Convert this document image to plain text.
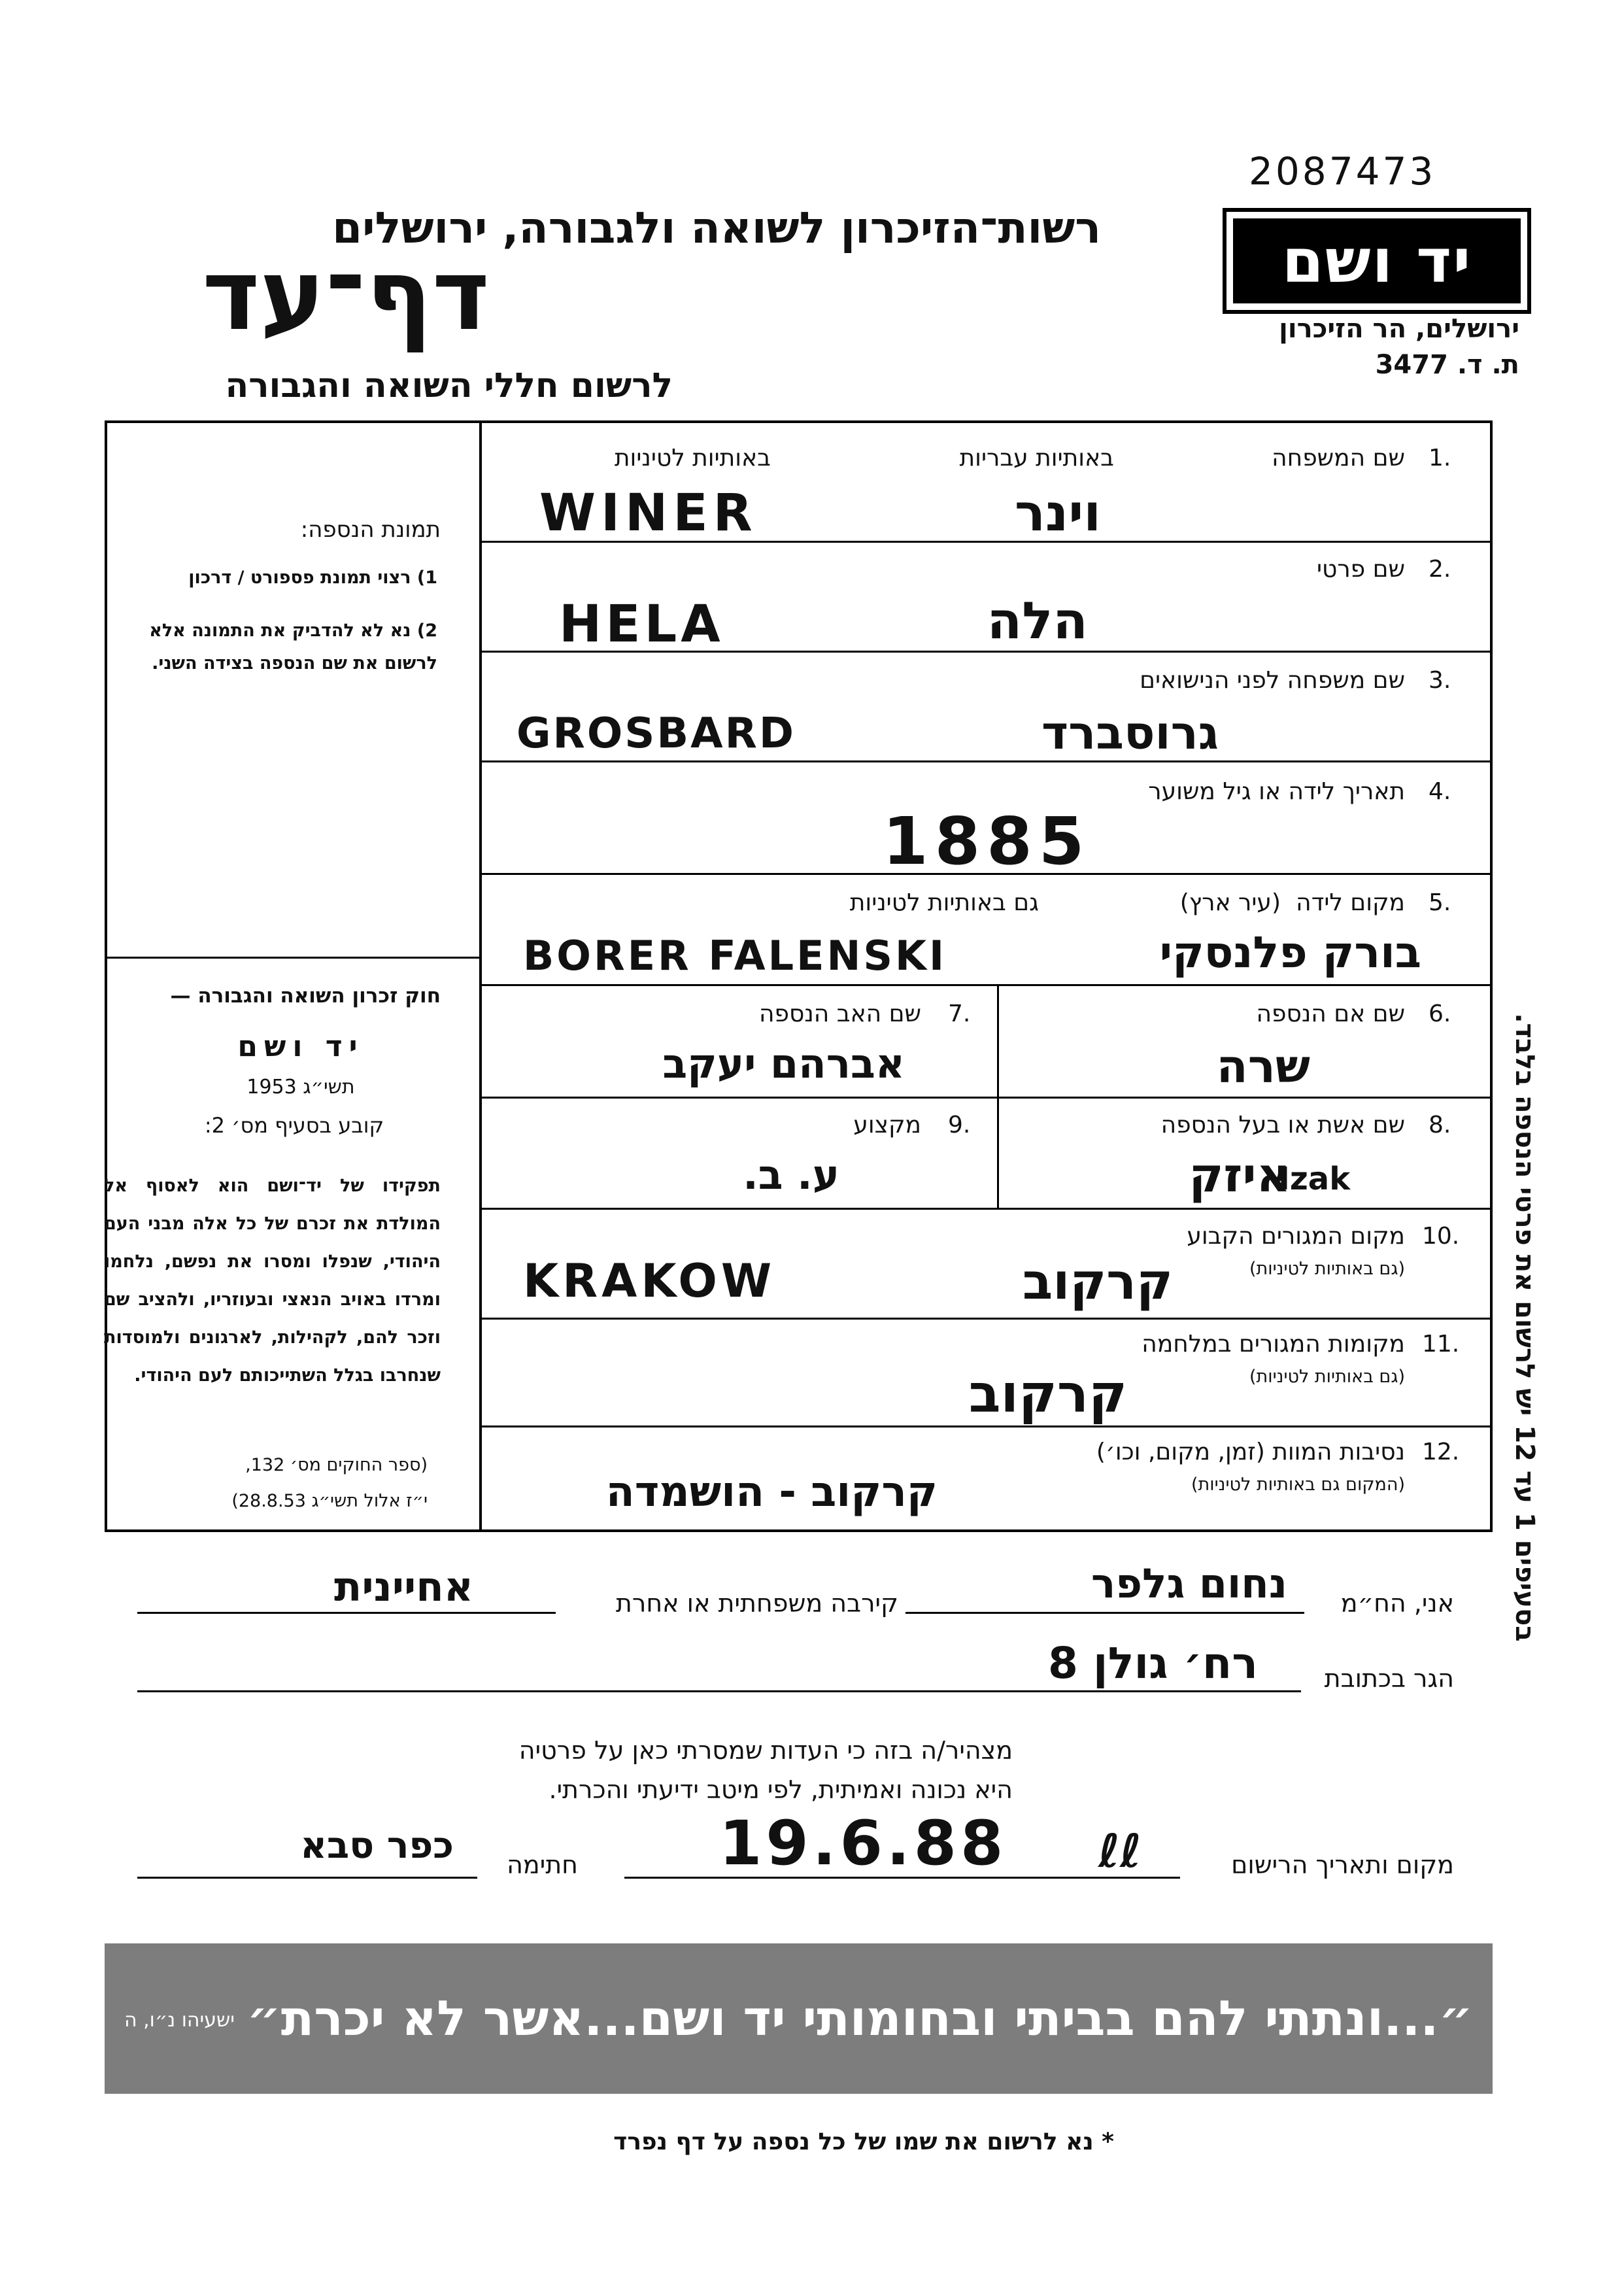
2087473
יד ושם
ירושלים, הר הזיכרון
ת. ד. 3477
רשות־הזיכרון לשואה ולגבורה, ירושלים
דף־עד
לרשום חללי השואה והגבורה
בסעיפים 1 עד 12 יש לרשום את פרטי הנספה בלבד.
תמונת הנספה:
1) רצוי תמונת פספורט / דרכון
2) נא לא להדביק את התמונה אלא לרשום את שם הנספה בצידה השני.
חוק זכרון השואה והגבורה —
יד ושם
תשי״ג 1953
קובע בסעיף מס׳ 2:
תפקידו של יד־ושם הוא לאסוף אל המולדת את זכרם של כל אלה מבני העם היהודי, שנפלו ומסרו את נפשם, נלחמו ומרדו באויב הנאצי ובעוזריו, ולהציב שם וזכר להם, לקהילות, לארגונים ולמוסדות שנחרבו בגלל השתייכותם לעם היהודי.
(ספר החוקים מס׳ 132,
י״ז אלול תשי״ג 28.8.53)
1.
שם המשפחה
באותיות עבריות
באותיות לטיניות
WINER	וינר
2.
שם פרטי
HELA	הלה
3.
שם משפחה לפני הנישואים
GROSBARD	גרוסברד
4.
תאריך לידה או גיל משוער
1885
5.
מקום לידה
(עיר ארץ)
גם באותיות לטיניות
BORER FALENSKI	בורק פלנסקי
6.
שם אם הנספה
שרה
7.
שם האב הנספה
אברהם יעקב
8.
שם אשת או בעל הנספה
איזק
Izak
9.
מקצוע
ע. ב.
10.
מקום המגורים הקבוע
(גם באותיות לטיניות)
KRAKOW	קרקוב
11.
מקומות המגורים במלחמה
(גם באותיות לטיניות)
קרקוב
12.
נסיבות המוות (זמן, מקום, וכו׳)
(המקום גם באותיות לטיניות)
קרקוב - הושמדה
אני, הח״מ
נחום גלפר
קירבה משפחתית או אחרת
אחיינית
הגר בכתובת
רח׳ גולן 8
מצהיר/ה בזה כי העדות שמסרתי כאן על פרטיה
היא נכונה ואמיתית, לפי מיטב ידיעתי והכרתי.
מקום ותאריך הרישום
19.6.88 ℓℓ
חתימה
כפר סבא
״...ונתתי להם בביתי ובחומותי יד ושם...אשר לא יכרת״
ישעיהו נ״ו, ה
* נא לרשום את שמו של כל נספה על דף נפרד
